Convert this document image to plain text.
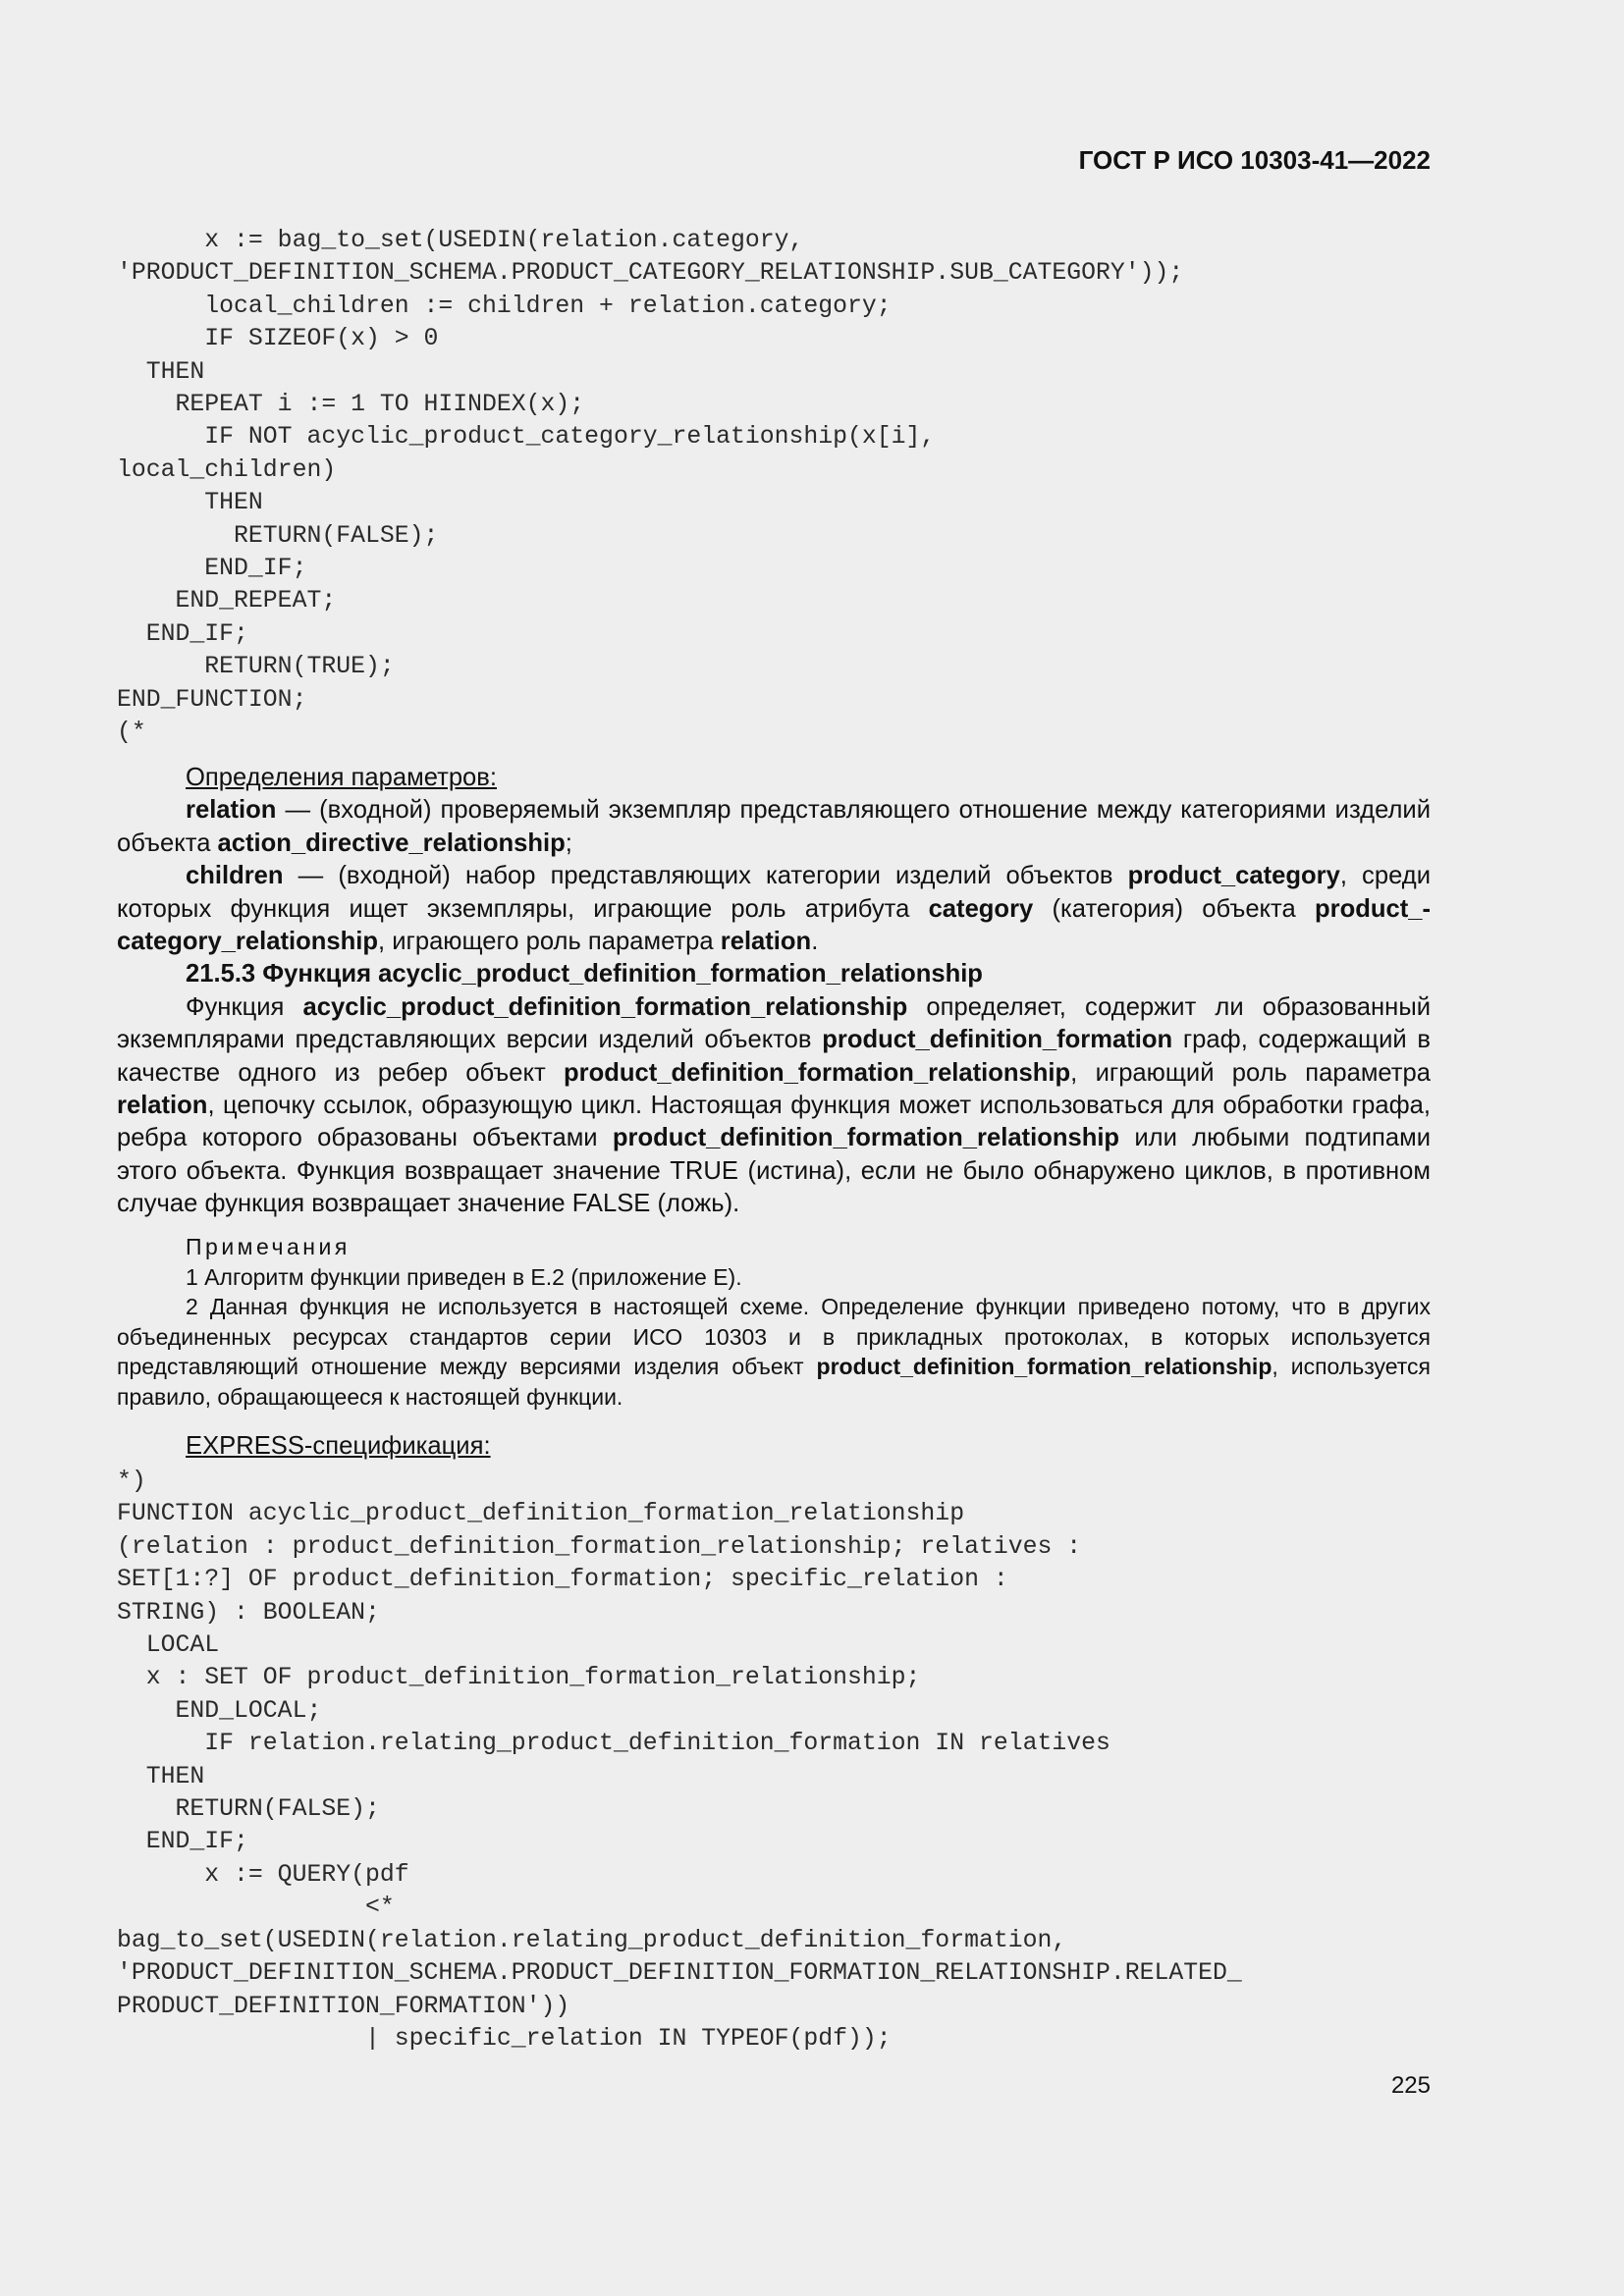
ГОСТ Р ИСО 10303-41—2022
x := bag_to_set(USEDIN(relation.category,
'PRODUCT_DEFINITION_SCHEMA.PRODUCT_CATEGORY_RELATIONSHIP.SUB_CATEGORY'));
local_children := children + relation.category;
IF SIZEOF(x) > 0
THEN
REPEAT i := 1 TO HIINDEX(x);
IF NOT acyclic_product_category_relationship(x[i],
local_children)
THEN
RETURN(FALSE);
END_IF;
END_REPEAT;
END_IF;
RETURN(TRUE);
END_FUNCTION;
(*

Определения параметров:

relation — (входной) проверяемый экземпляр представляющего отношение между категориями изделий объекта action_directive_relationship;

children — (входной) набор представляющих категории изделий объектов product_category, среди которых функция ищет экземпляры, играющие роль атрибута category (категория) объекта product_category_relationship, играющего роль параметра relation.

21.5.3 Функция acyclic_product_definition_formation_relationship

Функция acyclic_product_definition_formation_relationship определяет, содержит ли образованный экземплярами представляющих версии изделий объектов product_definition_formation граф, содержащий в качестве одного из ребер объект product_definition_formation_relationship, играющий роль параметра relation, цепочку ссылок, образующую цикл. Настоящая функция может использоваться для обработки графа, ребра которого образованы объектами product_definition_formation_relationship или любыми подтипами этого объекта. Функция возвращает значение TRUE (истина), если не было обнаружено циклов, в противном случае функция возвращает значение FALSE (ложь).

Примечания

1 Алгоритм функции приведен в Е.2 (приложение Е).

2 Данная функция не используется в настоящей схеме. Определение функции приведено потому, что в других объединенных ресурсах стандартов серии ИСО 10303 и в прикладных протоколах, в которых используется представляющий отношение между версиями изделия объект product_definition_formation_relationship, используется правило, обращающееся к настоящей функции.

EXPRESS-спецификация:

*)
FUNCTION acyclic_product_definition_formation_relationship
(relation : product_definition_formation_relationship; relatives :
SET[1:?] OF product_definition_formation; specific_relation :
STRING) : BOOLEAN;
LOCAL
x : SET OF product_definition_formation_relationship;
END_LOCAL;
IF relation.relating_product_definition_formation IN relatives
THEN
RETURN(FALSE);
END_IF;
x := QUERY(pdf
<*
bag_to_set(USEDIN(relation.relating_product_definition_formation,
'PRODUCT_DEFINITION_SCHEMA.PRODUCT_DEFINITION_FORMATION_RELATIONSHIP.RELATED_
PRODUCT_DEFINITION_FORMATION'))
| specific_relation IN TYPEOF(pdf));
225
